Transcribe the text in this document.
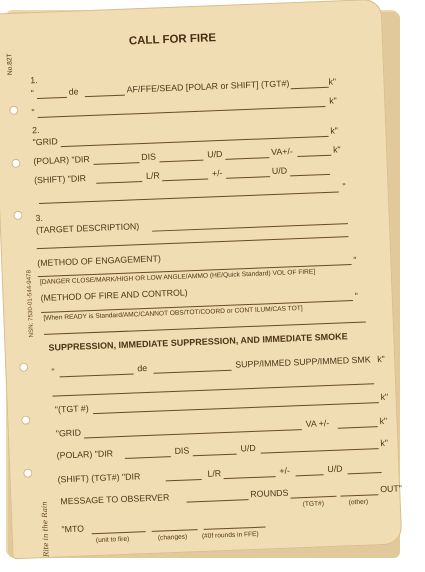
No.82T
CALL FOR FIRE
NSN: 7530-01-544-9478
Rite in the Rain
1.
"	de	AF/FFE/SEAD [POLAR or SHIFT] (TGT#)	k"
"
k"
2.
"GRID
k"
(POLAR) "DIR	DIS	U/D	VA+/-	k"
(SHIFT) "DIR	L/R	+/-	U/D
"
3.
(TARGET DESCRIPTION)
(METHOD OF ENGAGEMENT)	"
[DANGER CLOSE/MARK/HIGH OR LOW ANGLE/AMMO (HE/Quick Standard) VOL OF FIRE]
(METHOD OF FIRE AND CONTROL)	"
[When READY is Standard/AMC/CANNOT OBS/TOT/COORD or CONT ILUM/CAS TOT]
SUPPRESSION, IMMEDIATE SUPPRESSION, AND IMMEDIATE SMOKE
"	de	SUPP/IMMED SUPP/IMMED SMK k"
"(TGT #)
k"
"GRID
VA +/-	k"
(POLAR) "DIR	DIS	U/D	k"
(SHIFT) (TGT#) "DIR	L/R	+/-	U/D
MESSAGE TO OBSERVER	ROUNDS	OUT"
(TGT#)	(other)
"MTO
(unit to fire)	(changes) (#0f rounds in FFE)
